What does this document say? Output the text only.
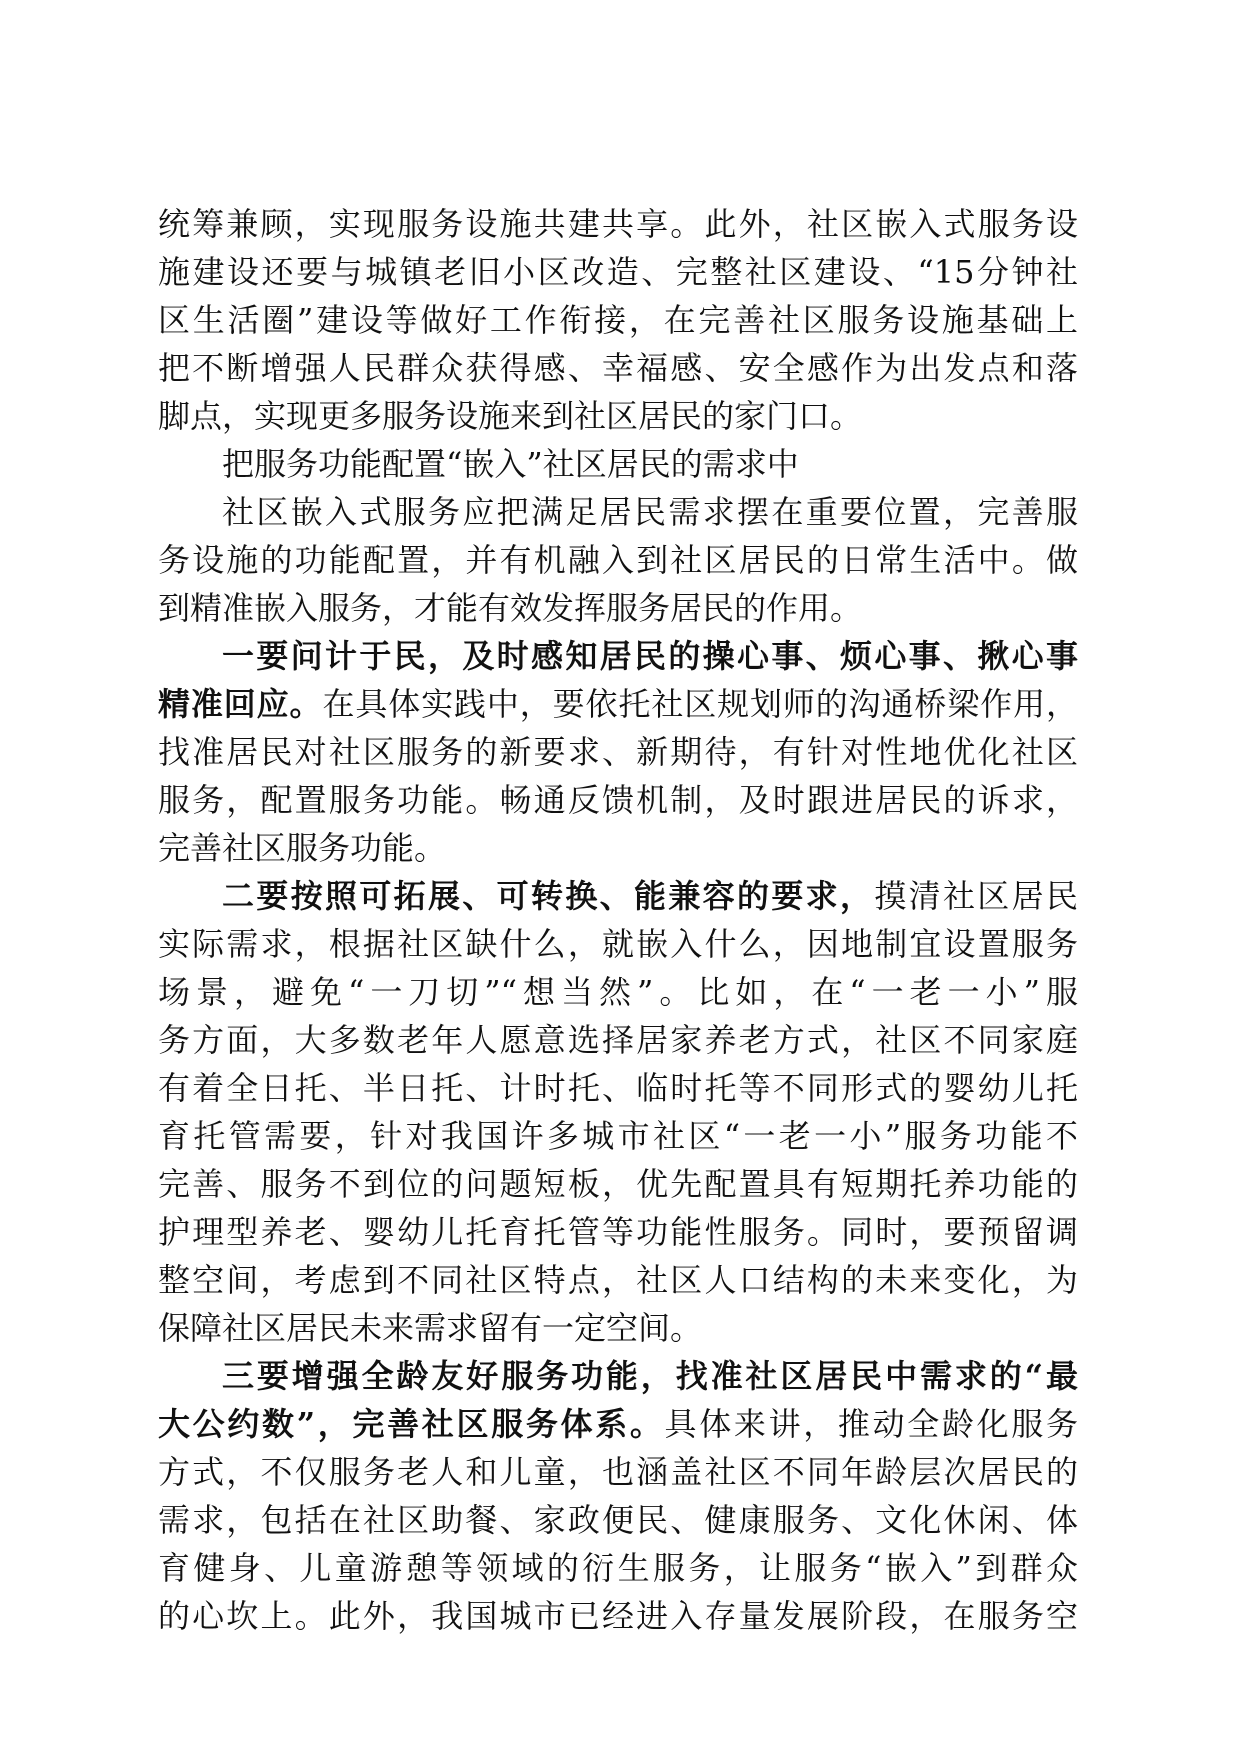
统筹兼顾，实现服务设施共建共享。此外，社区嵌入式服务设
施建设还要与城镇老旧小区改造、完整社区建设、“15分钟社
区生活圈”建设等做好工作衔接，在完善社区服务设施基础上
把不断增强人民群众获得感、幸福感、安全感作为出发点和落
脚点，实现更多服务设施来到社区居民的家门口。
把服务功能配置“嵌入”社区居民的需求中
社区嵌入式服务应把满足居民需求摆在重要位置，完善服
务设施的功能配置，并有机融入到社区居民的日常生活中。做
到精准嵌入服务，才能有效发挥服务居民的作用。
一要问计于民，及时感知居民的操心事、烦心事、揪心事
精准回应。在具体实践中，要依托社区规划师的沟通桥梁作用，
找准居民对社区服务的新要求、新期待，有针对性地优化社区
服务，配置服务功能。畅通反馈机制，及时跟进居民的诉求，
完善社区服务功能。
二要按照可拓展、可转换、能兼容的要求，摸清社区居民
实际需求，根据社区缺什么，就嵌入什么，因地制宜设置服务
场景，避免“一刀切”“想当然”。比如，在“一老一小”服
务方面，大多数老年人愿意选择居家养老方式，社区不同家庭
有着全日托、半日托、计时托、临时托等不同形式的婴幼儿托
育托管需要，针对我国许多城市社区“一老一小”服务功能不
完善、服务不到位的问题短板，优先配置具有短期托养功能的
护理型养老、婴幼儿托育托管等功能性服务。同时，要预留调
整空间，考虑到不同社区特点，社区人口结构的未来变化，为
保障社区居民未来需求留有一定空间。
三要增强全龄友好服务功能，找准社区居民中需求的“最
大公约数”，完善社区服务体系。具体来讲，推动全龄化服务
方式，不仅服务老人和儿童，也涵盖社区不同年龄层次居民的
需求，包括在社区助餐、家政便民、健康服务、文化休闲、体
育健身、儿童游憩等领域的衍生服务，让服务“嵌入”到群众
的心坎上。此外，我国城市已经进入存量发展阶段，在服务空
